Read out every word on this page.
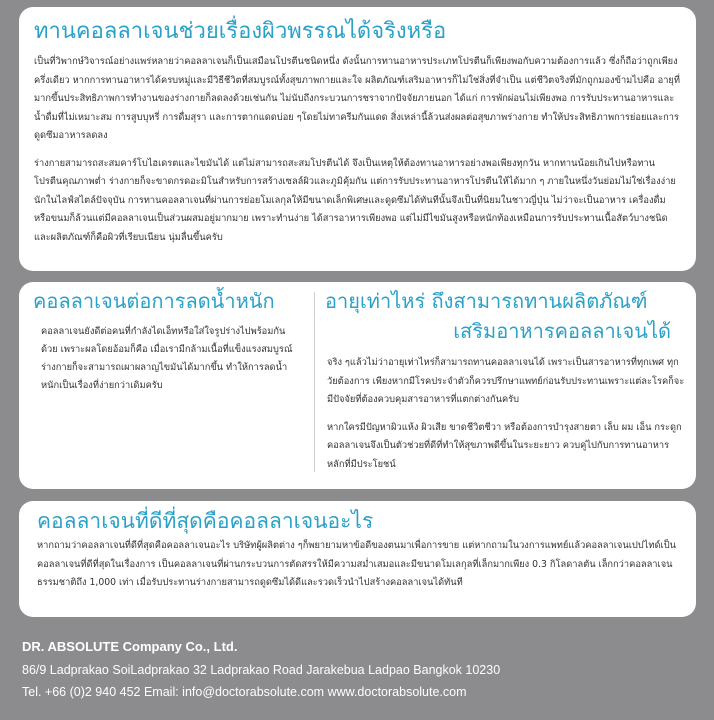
ทานคอลลาเจนช่วยเรื่องผิวพรรณได้จริงหรือ

เป็นที่วิพากษ์วิจารณ์อย่างแพร่หลายว่าคอลลาเจนก็เป็นเสมือนโปรตีนชนิดหนึ่ง ดังนั้นการทานอาหารประเภทโปรตีนก็เพียงพอกับความต้องการแล้ว ซึ่งก็ถือว่าถูกเพียงครึ่งเดียว หากการทานอาหารได้ครบหมู่และมีวิธีชีวิตที่สมบูรณ์ทั้งสุขภาพกายและใจ ผลิตภัณฑ์เสริมอาหารก็ไม่ใช่สิ่งที่จำเป็น แต่ชีวิตจริงที่มักถูกมองข้ามไปคือ อายุที่มากขึ้นประสิทธิภาพการทำงานของร่างกายก็ลดลงด้วยเช่นกัน ไม่นับถึงกระบวนการชราจากปัจจัยภายนอก ได้แก่ การพักผ่อนไม่เพียงพอ การรับประทานอาหารและน้ำดื่มที่ไม่เหมาะสม การสูบบุหรี่ การดื่มสุรา และการตากแดดบ่อย ๆโดยไม่ทาครีมกันแดด สิ่งเหล่านี้ล้วนส่งผลต่อสุขภาพร่างกาย ทำให้ประสิทธิภาพการย่อยและการดูดซึมอาหารลดลง

ร่างกายสามารถสะสมคาร์โบไฮเดรตและไขมันได้ แต่ไม่สามารถสะสมโปรตีนได้ จึงเป็นเหตุให้ต้องทานอาหารอย่างพอเพียงทุกวัน หากทานน้อยเกินไปหรือทานโปรตีนคุณภาพต่ำ ร่างกายก็จะขาดกรดอะมิโนสำหรับการสร้างเซลล์ผิวและภูมิคุ้มกัน แต่การรับประทานอาหารโปรตีนให้ได้มาก ๆ ภายในหนึ่งวันย่อมไม่ใช่เรื่องง่ายนักในไลฟ์สไตล์ปัจจุบัน การทานคอลลาเจนที่ผ่านการย่อยโมเลกุลให้มีขนาดเล็กพิเศษและดูดซึมได้ทันทีนั้นจึงเป็นที่นิยมในชาวญี่ปุ่น ไม่ว่าจะเป็นอาหาร เครื่องดื่ม หรือขนมก็ล้วนแต่มีคอลลาเจนเป็นส่วนผสมอยู่มากมาย เพราะทำนง่าย ได้สารอาหารเพียงพอ แต่ไม่มีไขมันสูงหรือหนักท้องเหมือนการรับประทานเนื้อสัตว์บางชนิดและผลิตภัณฑ์ก็คือผิวที่เรียบเนียน นุ่มลื่นขึ้นครับ

คอลลาเจนต่อการลดน้ำหนัก

คอลลาเจนยังดีต่อคนที่กำลังไดเอ็ทหรือใส่ใจรูปร่างไปพร้อมกันด้วย เพราะผลโดยอ้อมก็คือ เมื่อเรามีกล้ามเนื้อที่แข็งแรงสมบูรณ์ ร่างกายก็จะสามารถเผาผลาญไขมันได้มากขึ้น ทำให้การลดน้ำหนักเป็นเรื่องที่ง่ายกว่าเดิมครับ

อายุเท่าไหร่ ถึงสามารถทานผลิตภัณฑ์
เสริมอาหารคอลลาเจนได้

จริง ๆแล้วไม่ว่าอายุเท่าไหร่ก็สามารถทานคอลลาเจนได้ เพราะเป็นสารอาหารที่ทุกเพศ ทุกวัยต้องการ เพียงหากมีโรคประจำตัวก็ควรปรึกษาแพทย์ก่อนรับประทานเพราะแต่ละโรคก็จะมีปัจจัยที่ต้องควบคุมสารอาหารที่แตกต่างกันครับ

หากใครมีปัญหาผิวแห้ง ผิวเสีย ขาดชีวิตชีวา หรือต้องการบำรุงสายตา เล็บ ผม เอ็น กระดูก คอลลาเจนจึงเป็นตัวช่วยที่ดีที่ทำให้สุขภาพดีขึ้นในระยะยาว ควบคู่ไปกับการทานอาหารหลักที่มีประโยชน์

คอลลาเจนที่ดีที่สุดคือคอลลาเจนอะไร

หากถามว่าคอลลาเจนที่ดีที่สุดคือคอลลาเจนอะไร บริษัทผู้ผลิตต่าง ๆก็พยายามหาข้อดีของตนมาเพื่อการขาย แต่หากถามในวงการแพทย์แล้วคอลลาเจนเปปไทด์เป็นคอลลาเจนที่ดีที่สุดในเรื่องการ เป็นคอลลาเจนที่ผ่านกระบวนการตัดสรรให้มีความสม่ำเสมอและมีขนาดโมเลกุลที่เล็กมากเพียง 0.3 กิโลดาลตัน เล็กกว่าคอลลาเจนธรรมชาติถึง 1,000 เท่า เมื่อรับประทานร่างกายสามารถดูดซึมได้ดีและรวดเร็วนำไปสร้างคอลลาเจนได้ทันที

DR. ABSOLUTE Company Co., Ltd.

86/9 Ladprakao SoiLadprakao 32 Ladprakao Road Jarakebua Ladpao Bangkok 10230

Tel. +66 (0)2 940 452 Email: info@doctorabsolute.com www.doctorabsolute.com
